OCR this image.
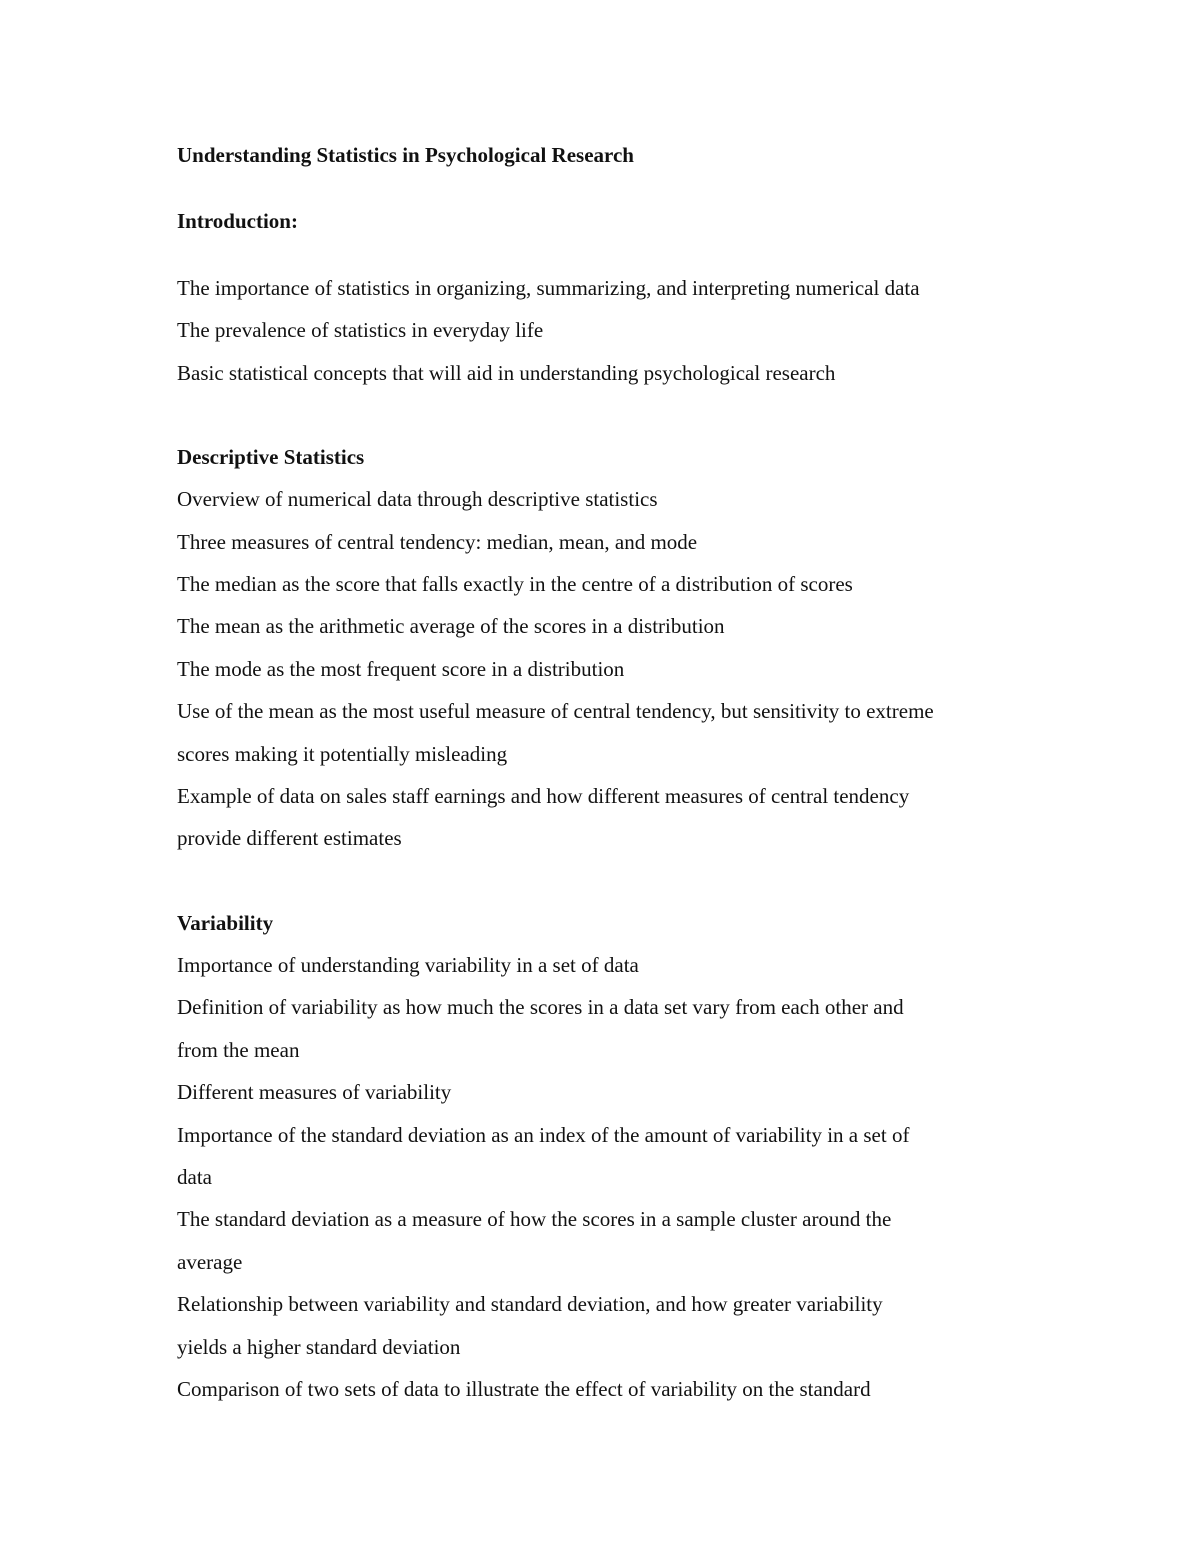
Understanding Statistics in Psychological Research

Introduction:

The importance of statistics in organizing, summarizing, and interpreting numerical data

The prevalence of statistics in everyday life

Basic statistical concepts that will aid in understanding psychological research

Descriptive Statistics

Overview of numerical data through descriptive statistics

Three measures of central tendency: median, mean, and mode

The median as the score that falls exactly in the centre of a distribution of scores

The mean as the arithmetic average of the scores in a distribution

The mode as the most frequent score in a distribution

Use of the mean as the most useful measure of central tendency, but sensitivity to extreme

scores making it potentially misleading

Example of data on sales staff earnings and how different measures of central tendency

provide different estimates

Variability

Importance of understanding variability in a set of data

Definition of variability as how much the scores in a data set vary from each other and

from the mean

Different measures of variability

Importance of the standard deviation as an index of the amount of variability in a set of

data

The standard deviation as a measure of how the scores in a sample cluster around the

average

Relationship between variability and standard deviation, and how greater variability

yields a higher standard deviation

Comparison of two sets of data to illustrate the effect of variability on the standard
